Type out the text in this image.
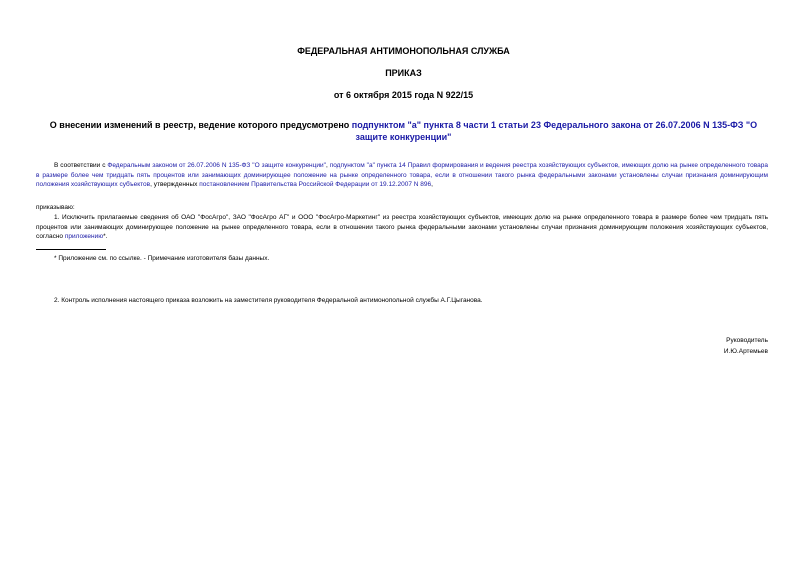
ФЕДЕРАЛЬНАЯ АНТИМОНОПОЛЬНАЯ СЛУЖБА
ПРИКАЗ
от 6 октября 2015 года N 922/15
О внесении изменений в реестр, ведение которого предусмотрено подпунктом "а" пункта 8 части 1 статьи 23 Федерального закона от 26.07.2006 N 135-ФЗ "О защите конкуренции"
В соответствии с Федеральным законом от 26.07.2006 N 135-ФЗ "О защите конкуренции", подпунктом "а" пункта 14 Правил формирования и ведения реестра хозяйствующих субъектов, имеющих долю на рынке определенного товара в размере более чем тридцать пять процентов или занимающих доминирующее положение на рынке определенного товара, если в отношении такого рынка федеральными законами установлены случаи признания доминирующим положения хозяйствующих субъектов, утвержденных постановлением Правительства Российской Федерации от 19.12.2007 N 896,
приказываю:
1. Исключить прилагаемые сведения об ОАО "ФосАгро", ЗАО "ФосАгро АГ" и ООО "ФосАгро-Маркетинг" из реестра хозяйствующих субъектов, имеющих долю на рынке определенного товара в размере более чем тридцать пять процентов или занимающих доминирующее положение на рынке определенного товара, если в отношении такого рынка федеральными законами установлены случаи признания доминирующим положения хозяйствующих субъектов, согласно приложению*.
* Приложение см. по ссылке. - Примечание изготовителя базы данных.
2. Контроль исполнения настоящего приказа возложить на заместителя руководителя Федеральной антимонопольной службы А.Г.Цыганова.
Руководитель
И.Ю.Артемьев
